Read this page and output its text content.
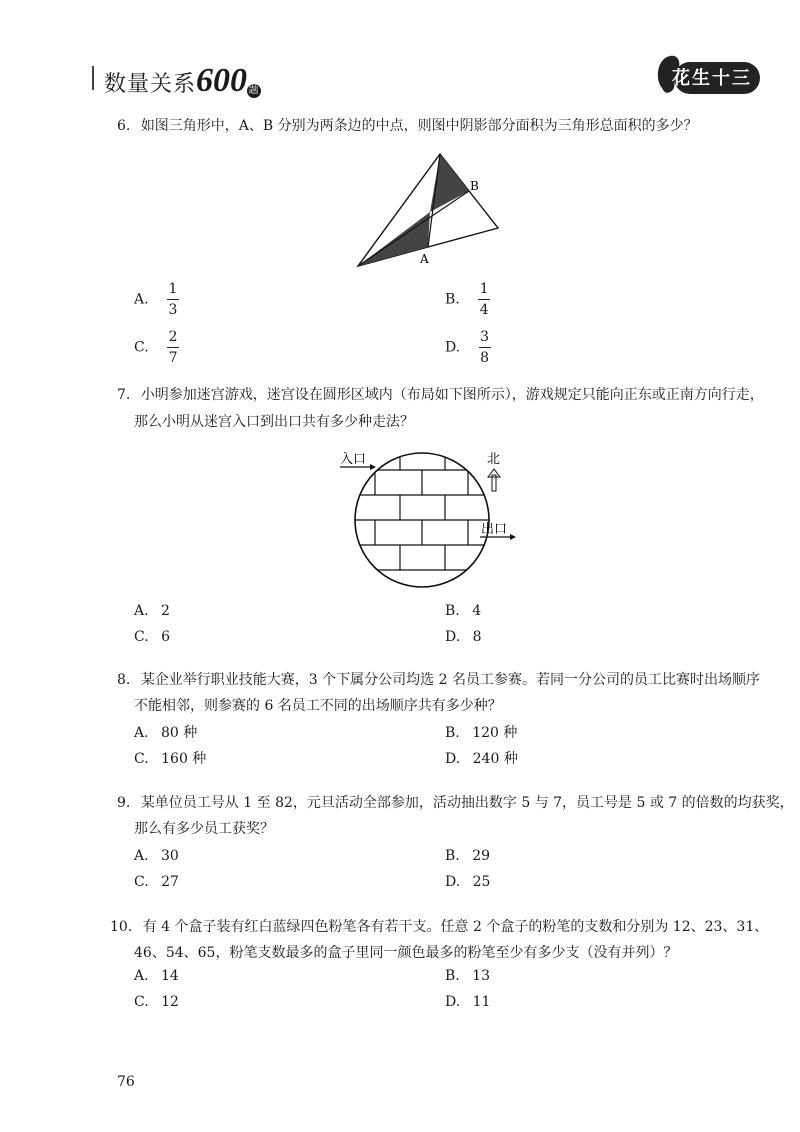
数量关系600 题
花生十三
6. 如图三角形中，A、B 分别为两条边的中点，则图中阴影部分面积为三角形总面积的多少？
A
B
A. $\frac{1}{3}$	B. $\frac{1}{4}$
C. $\frac{2}{7}$	D. $\frac{3}{8}$
7. 小明参加迷宫游戏，迷宫设在圆形区域内（布局如下图所示），游戏规定只能向正东或正南方向行走，
那么小明从迷宫入口到出口共有多少种走法？
入口
出口
北
A. 2	B. 4
C. 6	D. 8
8. 某企业举行职业技能大赛，3 个下属分公司均选 2 名员工参赛。若同一分公司的员工比赛时出场顺序
不能相邻，则参赛的 6 名员工不同的出场顺序共有多少种？
A. 80 种	B. 120 种
C. 160 种	D. 240 种
9. 某单位员工号从 1 至 82，元旦活动全部参加，活动抽出数字 5 与 7，员工号是 5 或 7 的倍数的均获奖，
那么有多少员工获奖？
A. 30	B. 29
C. 27	D. 25
10. 有 4 个盒子装有红白蓝绿四色粉笔各有若干支。任意 2 个盒子的粉笔的支数和分别为 12、23、31、
46、54、65，粉笔支数最多的盒子里同一颜色最多的粉笔至少有多少支（没有并列）？
A. 14	B. 13
C. 12	D. 11
76
